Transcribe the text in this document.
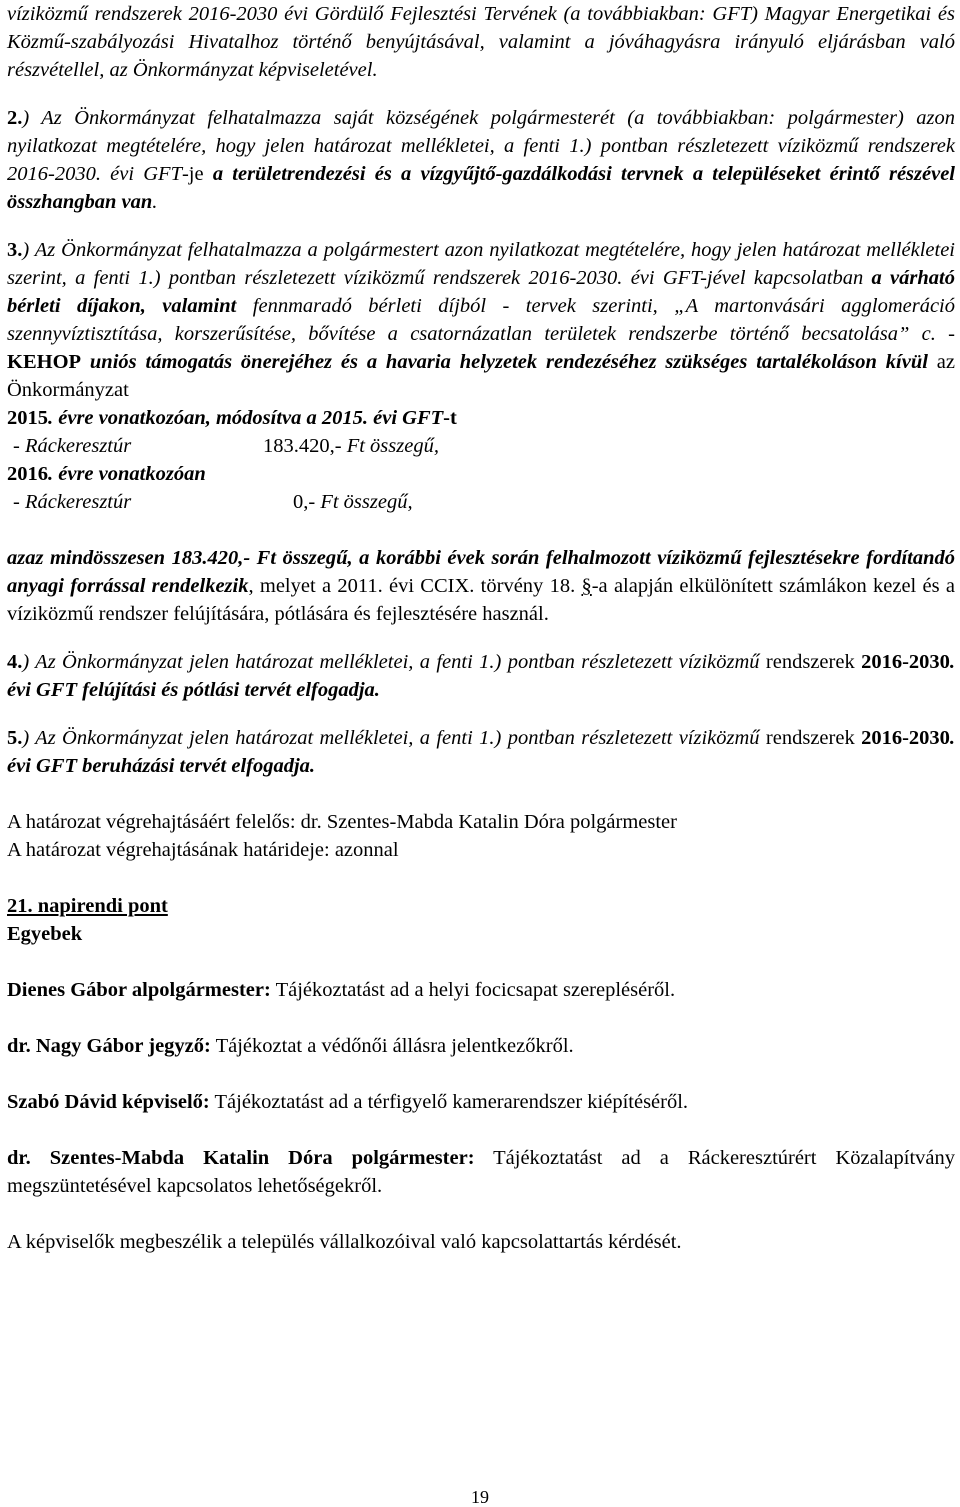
víziközmű rendszerek 2016-2030 évi Gördülő Fejlesztési Tervének (a továbbiakban: GFT) Magyar Energetikai és Közmű-szabályozási Hivatalhoz történő benyújtásával, valamint a jóváhagyásra irányuló eljárásban való részvétellel, az Önkormányzat képviseletével.

2.) Az Önkormányzat felhatalmazza saját községének polgármesterét (a továbbiakban: polgármester) azon nyilatkozat megtételére, hogy jelen határozat mellékletei, a fenti 1.) pontban részletezett víziközmű rendszerek 2016-2030. évi GFT-je a területrendezési és a vízgyűjtő-gazdálkodási tervnek a településeket érintő részével összhangban van.

3.) Az Önkormányzat felhatalmazza a polgármestert azon nyilatkozat megtételére, hogy jelen határozat mellékletei szerint, a fenti 1.) pontban részletezett víziközmű rendszerek 2016-2030. évi GFT-jével kapcsolatban a várható bérleti díjakon, valamint fennmaradó bérleti díjból - tervek szerinti, „A martonvásári agglomeráció szennyvíztisztítása, korszerűsítése, bővítése a csatornázatlan területek rendszerbe történő becsatolása” c. - KEHOP uniós támogatás önerejéhez és a havaria helyzetek rendezéséhez szükséges tartalékoláson kívül az Önkormányzat

2015. évre vonatkozóan, módosítva a 2015. évi GFT-t

- Ráckeresztúr	183.420,- Ft összegű,

2016. évre vonatkozóan

- Ráckeresztúr	0,- Ft összegű,

azaz mindösszesen 183.420,- Ft összegű, a korábbi évek során felhalmozott víziközmű fejlesztésekre fordítandó anyagi forrással rendelkezik, melyet a 2011. évi CCIX. törvény 18. §-a alapján elkülönített számlákon kezel és a víziközmű rendszer felújítására, pótlására és fejlesztésére használ.

4.) Az Önkormányzat jelen határozat mellékletei, a fenti 1.) pontban részletezett víziközmű rendszerek 2016-2030. évi GFT felújítási és pótlási tervét elfogadja.

5.) Az Önkormányzat jelen határozat mellékletei, a fenti 1.) pontban részletezett víziközmű rendszerek 2016-2030. évi GFT beruházási tervét elfogadja.

A határozat végrehajtásáért felelős: dr. Szentes-Mabda Katalin Dóra polgármester

A határozat végrehajtásának határideje: azonnal

21. napirendi pont

Egyebek

Dienes Gábor alpolgármester: Tájékoztatást ad a helyi focicsapat szerepléséről.

dr. Nagy Gábor jegyző: Tájékoztat a védőnői állásra jelentkezőkről.

Szabó Dávid képviselő: Tájékoztatást ad a térfigyelő kamerarendszer kiépítéséről.

dr. Szentes-Mabda Katalin Dóra polgármester: Tájékoztatást ad a Ráckeresztúrért Közalapítvány megszüntetésével kapcsolatos lehetőségekről.

A képviselők megbeszélik a település vállalkozóival való kapcsolattartás kérdését.

19
